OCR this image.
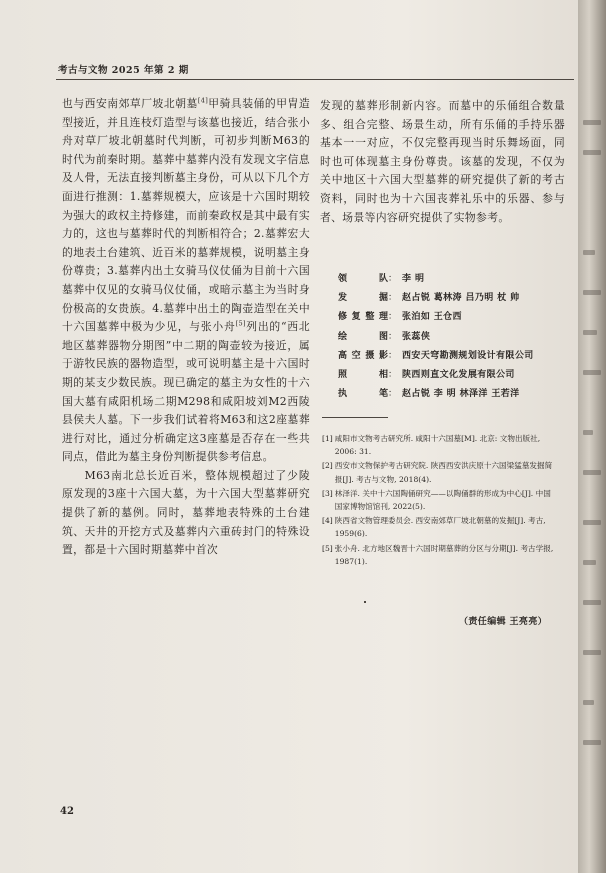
考古与文物 2025 年第 2 期

也与西安南郊草厂坡北朝墓[4]甲骑具装俑的甲胄造型接近，并且连枝灯造型与该墓也接近，结合张小舟对草厂坡北朝墓时代判断，可初步判断M63的时代为前秦时期。墓葬中墓葬内没有发现文字信息及人骨，无法直接判断墓主身份，可从以下几个方面进行推测：1.墓葬规模大，应该是十六国时期较为强大的政权主持修建，而前秦政权是其中最有实力的，这也与墓葬时代的判断相符合；2.墓葬宏大的地表土台建筑、近百米的墓葬规模，说明墓主身份尊贵；3.墓葬内出土女骑马仪仗俑为目前十六国墓葬中仅见的女骑马仪仗俑，或暗示墓主为当时身份极高的女贵族。4.墓葬中出土的陶壶造型在关中十六国墓葬中极为少见，与张小舟[5]列出的“西北地区墓葬器物分期图”中二期的陶壶较为接近，属于游牧民族的器物造型，或可说明墓主是十六国时期的某支少数民族。现已确定的墓主为女性的十六国大墓有咸阳机场二期M298和咸阳坡刘M2西陵县侯夫人墓。下一步我们试着将M63和这2座墓葬进行对比，通过分析确定这3座墓是否存在一些共同点，借此为墓主身份判断提供参考信息。

M63南北总长近百米，整体规模超过了少陵原发现的3座十六国大墓，为十六国大型墓葬研究提供了新的墓例。同时，墓葬地表特殊的土台建筑、天井的开挖方式及墓葬内六重砖封门的特殊设置，都是十六国时期墓葬中首次

发现的墓葬形制新内容。而墓中的乐俑组合数量多、组合完整、场景生动，所有乐俑的手持乐器基本一一对应，不仅完整再现当时乐舞场面，同时也可体现墓主身份尊贵。该墓的发现，不仅为关中地区十六国大型墓葬的研究提供了新的考古资料，同时也为十六国丧葬礼乐中的乐器、参与者、场景等内容研究提供了实物参考。

领队： 李 明
发掘： 赵占锐 葛林涛 吕乃明 杖 帅
修复整理： 张泊如 王仓西
绘图： 张蕊侠
高空摄影： 西安天穹勘测规划设计有限公司
照相： 陕西则直文化发展有限公司
执笔： 赵占锐 李 明 林泽洋 王若洋
[1] 咸阳市文物考古研究所. 咸阳十六国墓[M]. 北京: 文物出版社, 2006: 31.
[2] 西安市文物保护考古研究院. 陕西西安洪庆原十六国梁猛墓发掘简报[J]. 考古与文物, 2018(4).
[3] 林泽洋. 关中十六国陶俑研究——以陶俑群的形成为中心[J]. 中国国家博物馆馆刊, 2022(5).
[4] 陕西省文物管理委员会. 西安南郊草厂坡北朝墓的发掘[J]. 考古, 1959(6).
[5] 张小舟. 北方地区魏晋十六国时期墓葬的分区与分期[J]. 考古学报, 1987(1).
（责任编辑 王亮亮）
42
